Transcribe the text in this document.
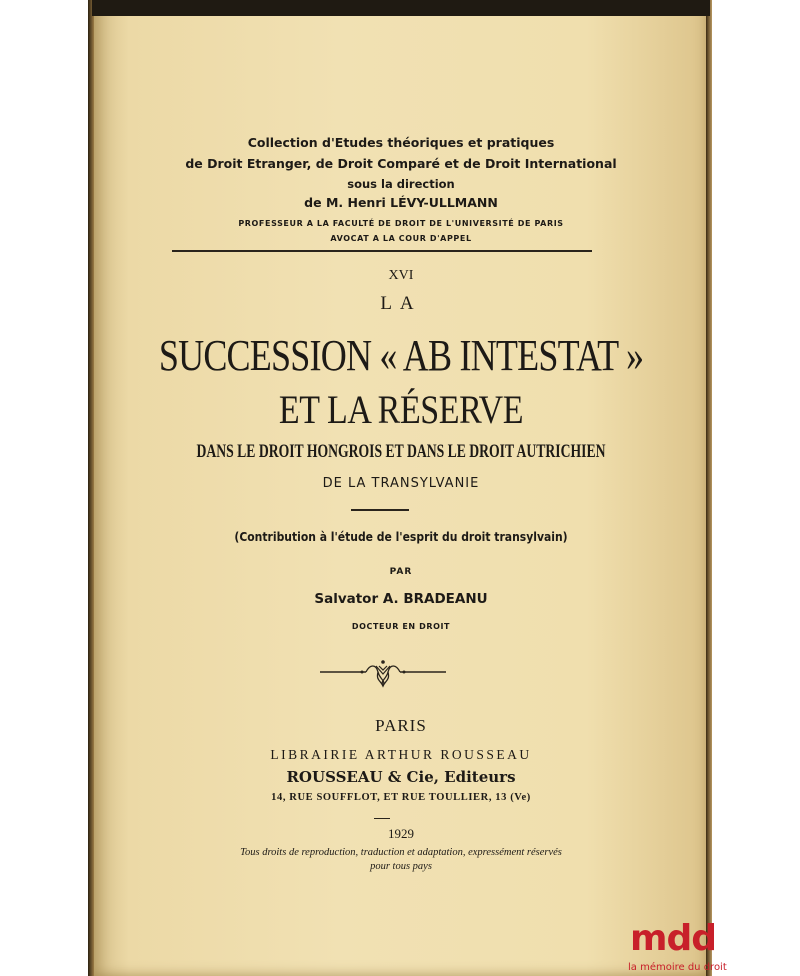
Collection d'Etudes théoriques et pratiques

de Droit Etranger, de Droit Comparé et de Droit International

sous la direction

de M. Henri LÉVY-ULLMANN

PROFESSEUR A LA FACULTÉ DE DROIT DE L'UNIVERSITÉ DE PARIS

AVOCAT A LA COUR D'APPEL

XVI

LA

SUCCESSION « AB INTESTAT »

ET LA RÉSERVE

DANS LE DROIT HONGROIS ET DANS LE DROIT AUTRICHIEN

DE LA TRANSYLVANIE

(Contribution à l'étude de l'esprit du droit transylvain)

PAR

Salvator A. BRADEANU

DOCTEUR EN DROIT

PARIS

LIBRAIRIE ARTHUR ROUSSEAU

ROUSSEAU & Cie, Editeurs

14, RUE SOUFFLOT, ET RUE TOULLIER, 13 (Ve)

1929

Tous droits de reproduction, traduction et adaptation, expressément réservés

pour tous pays

mdd
la mémoire du droit
